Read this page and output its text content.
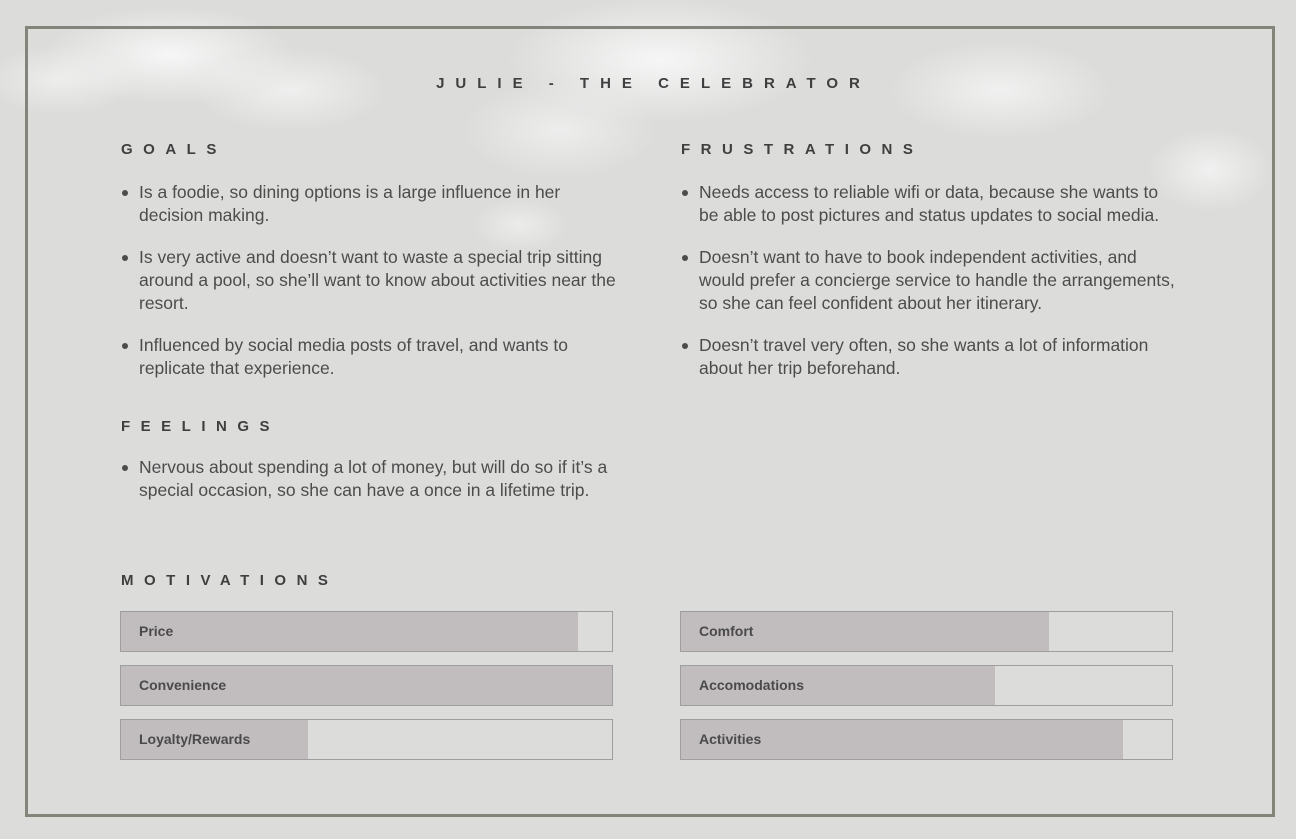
JULIE - THE CELEBRATOR
GOALS
Is a foodie, so dining options is a large influence in her decision making.
Is very active and doesn’t want to waste a special trip sitting around a pool, so she’ll want to know about activities near the resort.
Influenced by social media posts of travel, and wants to replicate that experience.
FEELINGS
Nervous about spending a lot of money, but will do so if it’s a special occasion, so she can have a once in a lifetime trip.
FRUSTRATIONS
Needs access to reliable wifi or data, because she wants to be able to post pictures and status updates to social media.
Doesn’t want to have to book independent activities, and would prefer a concierge service to handle the arrangements, so she can feel confident about her itinerary.
Doesn’t travel very often, so she wants a lot of information about her trip beforehand.
MOTIVATIONS
Price
Convenience
Loyalty/Rewards
Comfort
Accomodations
Activities
